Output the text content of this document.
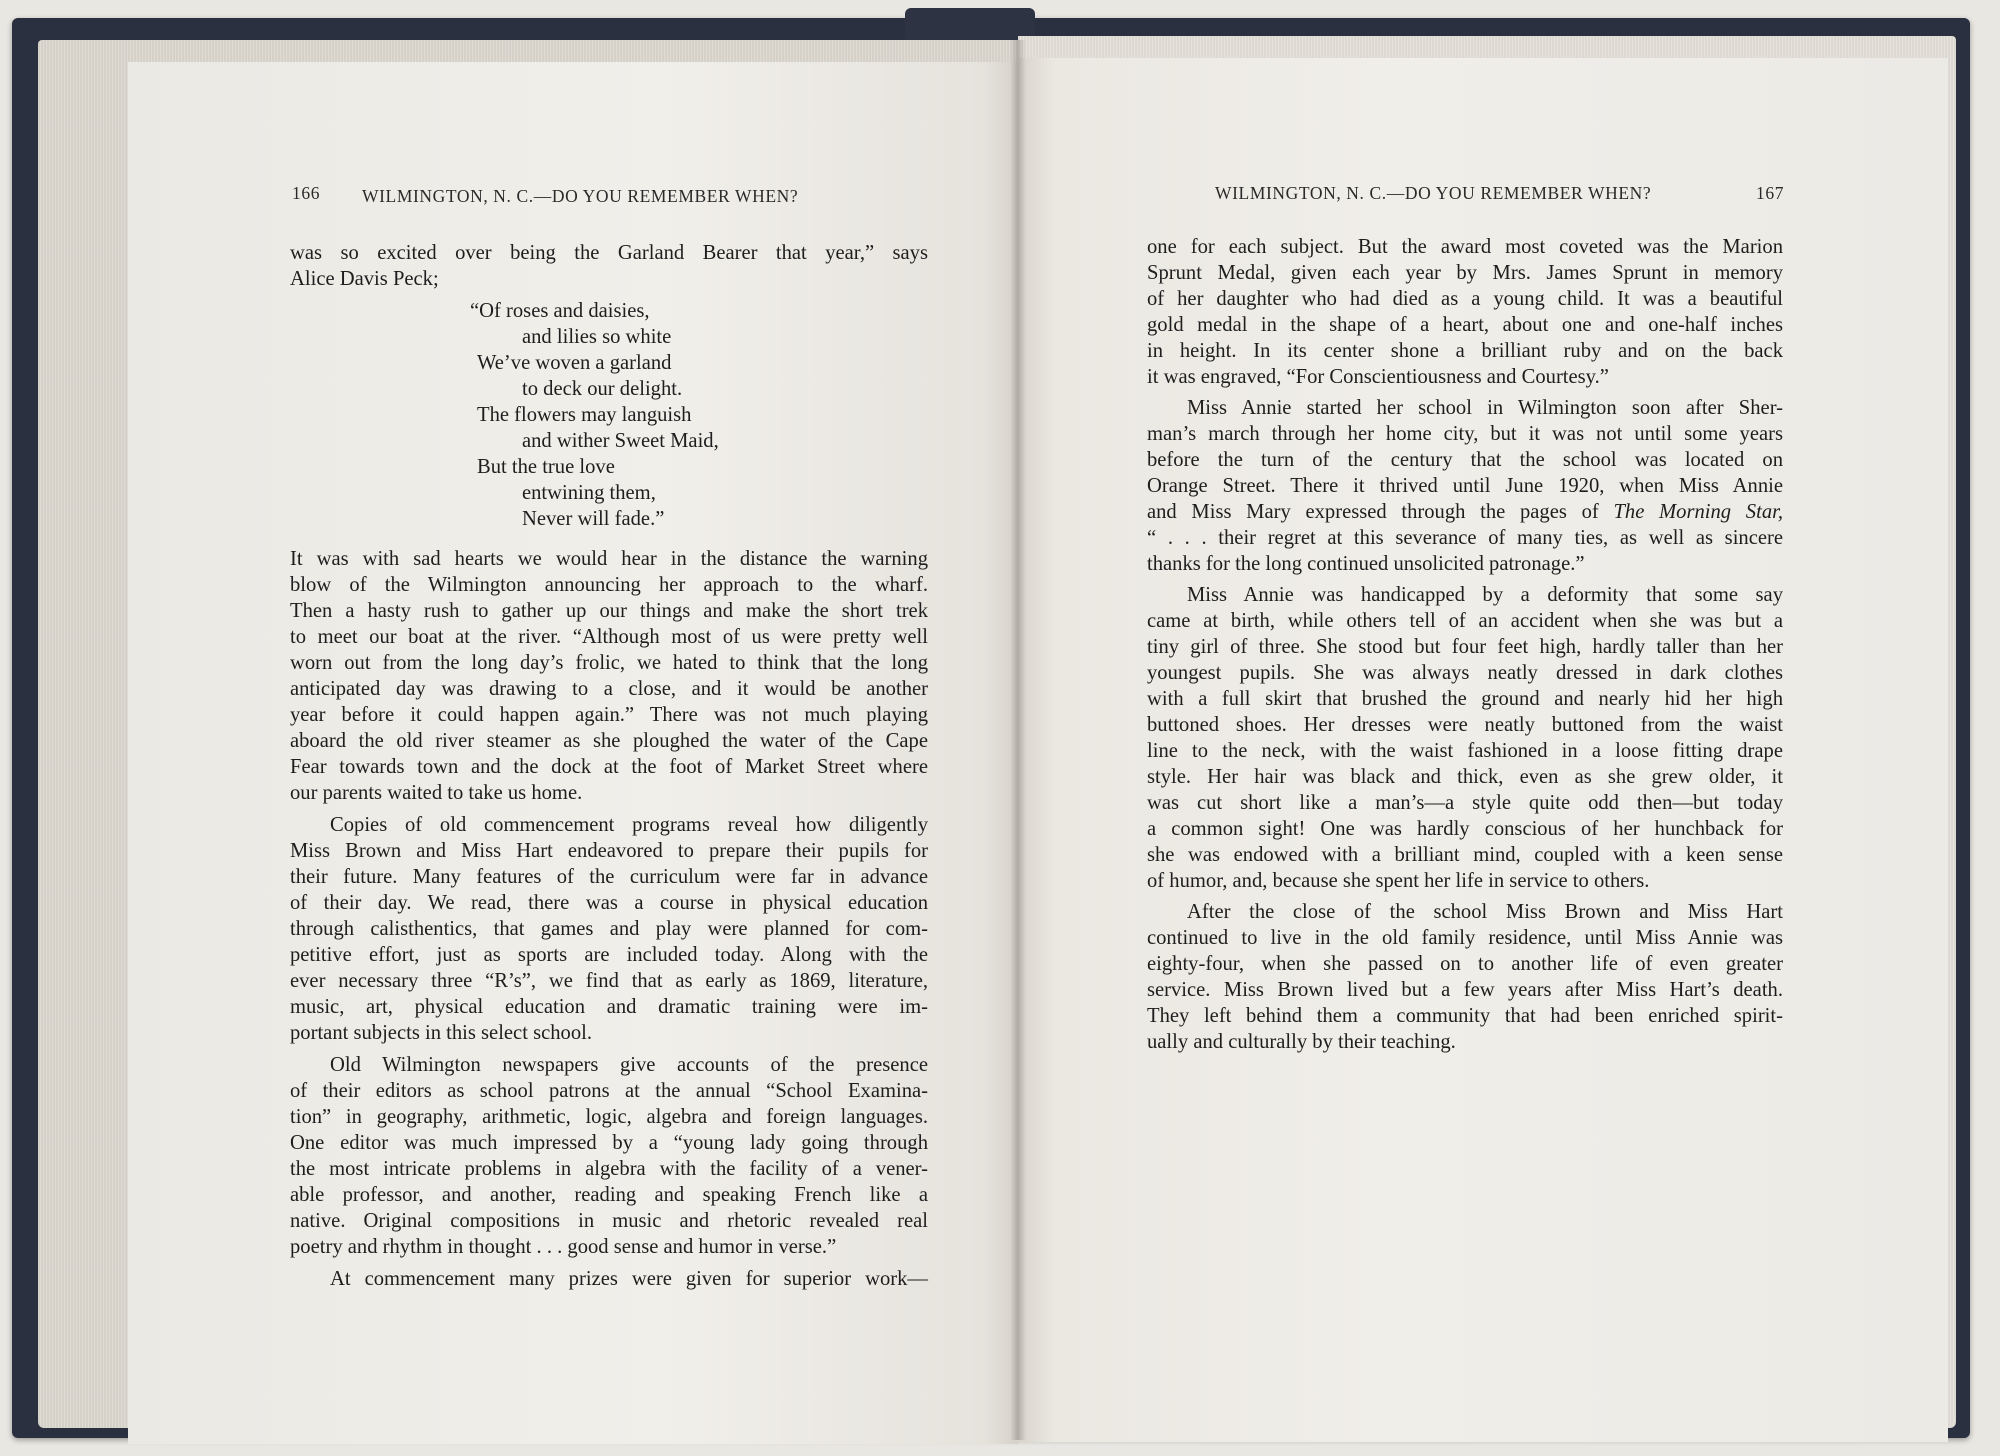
166 WILMINGTON, N. C.—DO YOU REMEMBER WHEN?	WILMINGTON, N. C.—DO YOU REMEMBER WHEN?	167
was so excited over being the Garland Bearer that year,” says
Alice Davis Peck;
“Of roses and daisies,
and lilies so white
We’ve woven a garland
to deck our delight.
The flowers may languish
and wither Sweet Maid,
But the true love
entwining them,
Never will fade.”
It was with sad hearts we would hear in the distance the warning
blow of the Wilmington announcing her approach to the wharf.
Then a hasty rush to gather up our things and make the short trek
to meet our boat at the river. “Although most of us were pretty well
worn out from the long day’s frolic, we hated to think that the long
anticipated day was drawing to a close, and it would be another
year before it could happen again.” There was not much playing
aboard the old river steamer as she ploughed the water of the Cape
Fear towards town and the dock at the foot of Market Street where
our parents waited to take us home.
Copies of old commencement programs reveal how diligently
Miss Brown and Miss Hart endeavored to prepare their pupils for
their future. Many features of the curriculum were far in advance
of their day. We read, there was a course in physical education
through calisthentics, that games and play were planned for com-
petitive effort, just as sports are included today. Along with the
ever necessary three “R’s”, we find that as early as 1869, literature,
music, art, physical education and dramatic training were im-
portant subjects in this select school.
Old Wilmington newspapers give accounts of the presence
of their editors as school patrons at the annual “School Examina-
tion” in geography, arithmetic, logic, algebra and foreign languages.
One editor was much impressed by a “young lady going through
the most intricate problems in algebra with the facility of a vener-
able professor, and another, reading and speaking French like a
native. Original compositions in music and rhetoric revealed real
poetry and rhythm in thought . . . good sense and humor in verse.”
At commencement many prizes were given for superior work—
one for each subject. But the award most coveted was the Marion
Sprunt Medal, given each year by Mrs. James Sprunt in memory
of her daughter who had died as a young child. It was a beautiful
gold medal in the shape of a heart, about one and one-half inches
in height. In its center shone a brilliant ruby and on the back
it was engraved, “For Conscientiousness and Courtesy.”
Miss Annie started her school in Wilmington soon after Sher-
man’s march through her home city, but it was not until some years
before the turn of the century that the school was located on
Orange Street. There it thrived until June 1920, when Miss Annie
and Miss Mary expressed through the pages of The Morning Star,
“ . . . their regret at this severance of many ties, as well as sincere
thanks for the long continued unsolicited patronage.”
Miss Annie was handicapped by a deformity that some say
came at birth, while others tell of an accident when she was but a
tiny girl of three. She stood but four feet high, hardly taller than her
youngest pupils. She was always neatly dressed in dark clothes
with a full skirt that brushed the ground and nearly hid her high
buttoned shoes. Her dresses were neatly buttoned from the waist
line to the neck, with the waist fashioned in a loose fitting drape
style. Her hair was black and thick, even as she grew older, it
was cut short like a man’s—a style quite odd then—but today
a common sight! One was hardly conscious of her hunchback for
she was endowed with a brilliant mind, coupled with a keen sense
of humor, and, because she spent her life in service to others.
After the close of the school Miss Brown and Miss Hart
continued to live in the old family residence, until Miss Annie was
eighty-four, when she passed on to another life of even greater
service. Miss Brown lived but a few years after Miss Hart’s death.
They left behind them a community that had been enriched spirit-
ually and culturally by their teaching.
